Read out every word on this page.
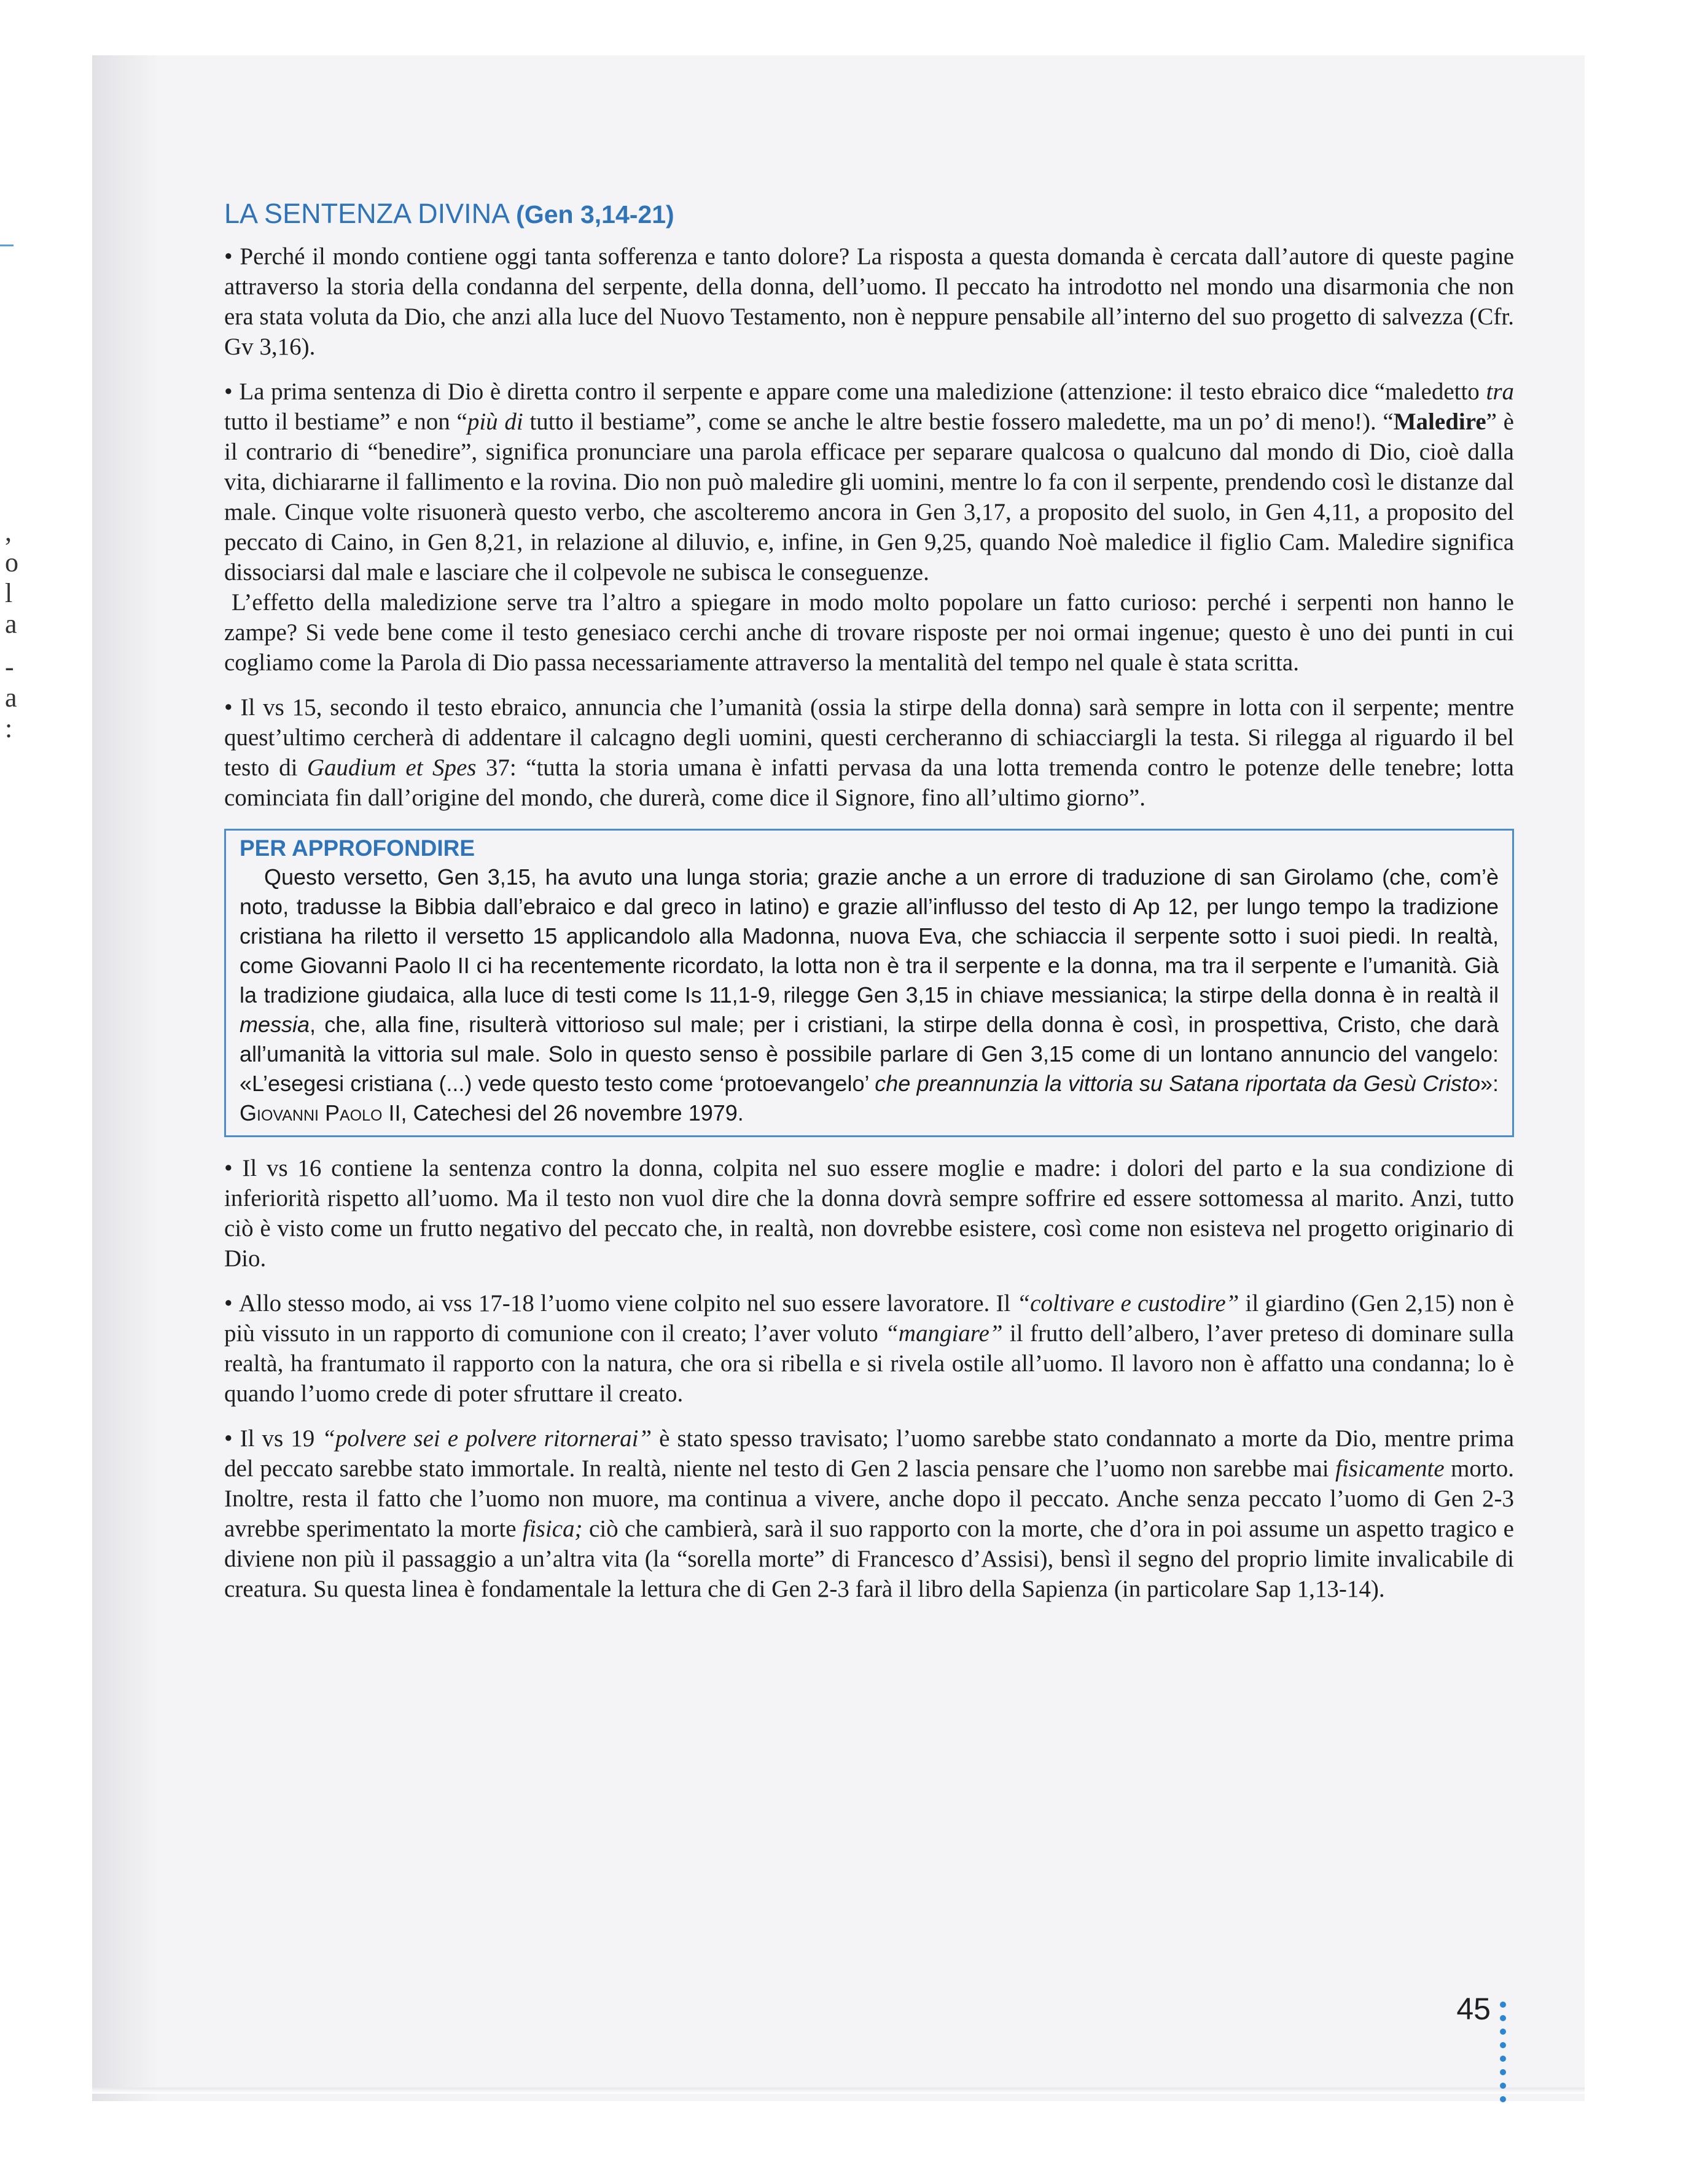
,
o
l
a
-
a
:
LA SENTENZA DIVINA (Gen 3,14-21)

• Perché il mondo contiene oggi tanta sofferenza e tanto dolore? La risposta a questa domanda è cercata dall’autore di queste pagine attraverso la storia della condanna del serpente, della donna, dell’uomo. Il peccato ha introdotto nel mondo una disarmonia che non era stata voluta da Dio, che anzi alla luce del Nuovo Testamento, non è neppure pensabile all’interno del suo progetto di salvezza (Cfr. Gv 3,16).

• La prima sentenza di Dio è diretta contro il serpente e appare come una maledizione (attenzione: il testo ebraico dice “maledetto tra tutto il bestiame” e non “più di tutto il bestiame”, come se anche le altre bestie fossero maledette, ma un po’ di meno!). “Maledire” è il contrario di “benedire”, significa pronunciare una parola efficace per separare qualcosa o qualcuno dal mondo di Dio, cioè dalla vita, dichiararne il fallimento e la rovina. Dio non può maledire gli uomini, mentre lo fa con il serpente, prendendo così le distanze dal male. Cinque volte risuonerà questo verbo, che ascolteremo ancora in Gen 3,17, a proposito del suolo, in Gen 4,11, a proposito del peccato di Caino, in Gen 8,21, in relazione al diluvio, e, infine, in Gen 9,25, quando Noè maledice il figlio Cam. Maledire significa dissociarsi dal male e lasciare che il colpevole ne subisca le conseguenze.

L’effetto della maledizione serve tra l’altro a spiegare in modo molto popolare un fatto curioso: perché i serpenti non hanno le zampe? Si vede bene come il testo genesiaco cerchi anche di trovare risposte per noi ormai ingenue; questo è uno dei punti in cui cogliamo come la Parola di Dio passa necessariamente attraverso la mentalità del tempo nel quale è stata scritta.

• Il vs 15, secondo il testo ebraico, annuncia che l’umanità (ossia la stirpe della donna) sarà sempre in lotta con il serpente; mentre quest’ultimo cercherà di addentare il calcagno degli uomini, questi cercheranno di schiacciargli la testa. Si rilegga al riguardo il bel testo di Gaudium et Spes 37: “tutta la storia umana è infatti pervasa da una lotta tremenda contro le potenze delle tenebre; lotta cominciata fin dall’origine del mondo, che durerà, come dice il Signore, fino all’ultimo giorno”.

PER APPROFONDIRE
Questo versetto, Gen 3,15, ha avuto una lunga storia; grazie anche a un errore di traduzione di san Girolamo (che, com’è noto, tradusse la Bibbia dall’ebraico e dal greco in latino) e grazie all’influsso del testo di Ap 12, per lungo tempo la tradizione cristiana ha riletto il versetto 15 applicandolo alla Madonna, nuova Eva, che schiaccia il serpente sotto i suoi piedi. In realtà, come Giovanni Paolo II ci ha recentemente ricordato, la lotta non è tra il serpente e la donna, ma tra il serpente e l’umanità. Già la tradizione giudaica, alla luce di testi come Is 11,1-9, rilegge Gen 3,15 in chiave messianica; la stirpe della donna è in realtà il messia, che, alla fine, risulterà vittorioso sul male; per i cristiani, la stirpe della donna è così, in prospettiva, Cristo, che darà all’umanità la vittoria sul male. Solo in questo senso è possibile parlare di Gen 3,15 come di un lontano annuncio del vangelo: «L’esegesi cristiana (...) vede questo testo come ‘protoevangelo’ che preannunzia la vittoria su Satana riportata da Gesù Cristo»: Giovanni Paolo II, Catechesi del 26 novembre 1979.

• Il vs 16 contiene la sentenza contro la donna, colpita nel suo essere moglie e madre: i dolori del parto e la sua condizione di inferiorità rispetto all’uomo. Ma il testo non vuol dire che la donna dovrà sempre soffrire ed essere sottomessa al marito. Anzi, tutto ciò è visto come un frutto negativo del peccato che, in realtà, non dovrebbe esistere, così come non esisteva nel progetto originario di Dio.

• Allo stesso modo, ai vss 17-18 l’uomo viene colpito nel suo essere lavoratore. Il “coltivare e custodire” il giardino (Gen 2,15) non è più vissuto in un rapporto di comunione con il creato; l’aver voluto “mangiare” il frutto dell’albero, l’aver preteso di dominare sulla realtà, ha frantumato il rapporto con la natura, che ora si ribella e si rivela ostile all’uomo. Il lavoro non è affatto una condanna; lo è quando l’uomo crede di poter sfruttare il creato.

• Il vs 19 “polvere sei e polvere ritornerai” è stato spesso travisato; l’uomo sarebbe stato condannato a morte da Dio, mentre prima del peccato sarebbe stato immortale. In realtà, niente nel testo di Gen 2 lascia pensare che l’uomo non sarebbe mai fisicamente morto. Inoltre, resta il fatto che l’uomo non muore, ma continua a vivere, anche dopo il peccato. Anche senza peccato l’uomo di Gen 2-3 avrebbe sperimentato la morte fisica; ciò che cambierà, sarà il suo rapporto con la morte, che d’ora in poi assume un aspetto tragico e diviene non più il passaggio a un’altra vita (la “sorella morte” di Francesco d’Assisi), bensì il segno del proprio limite invalicabile di creatura. Su questa linea è fondamentale la lettura che di Gen 2-3 farà il libro della Sapienza (in particolare Sap 1,13-14).

45
